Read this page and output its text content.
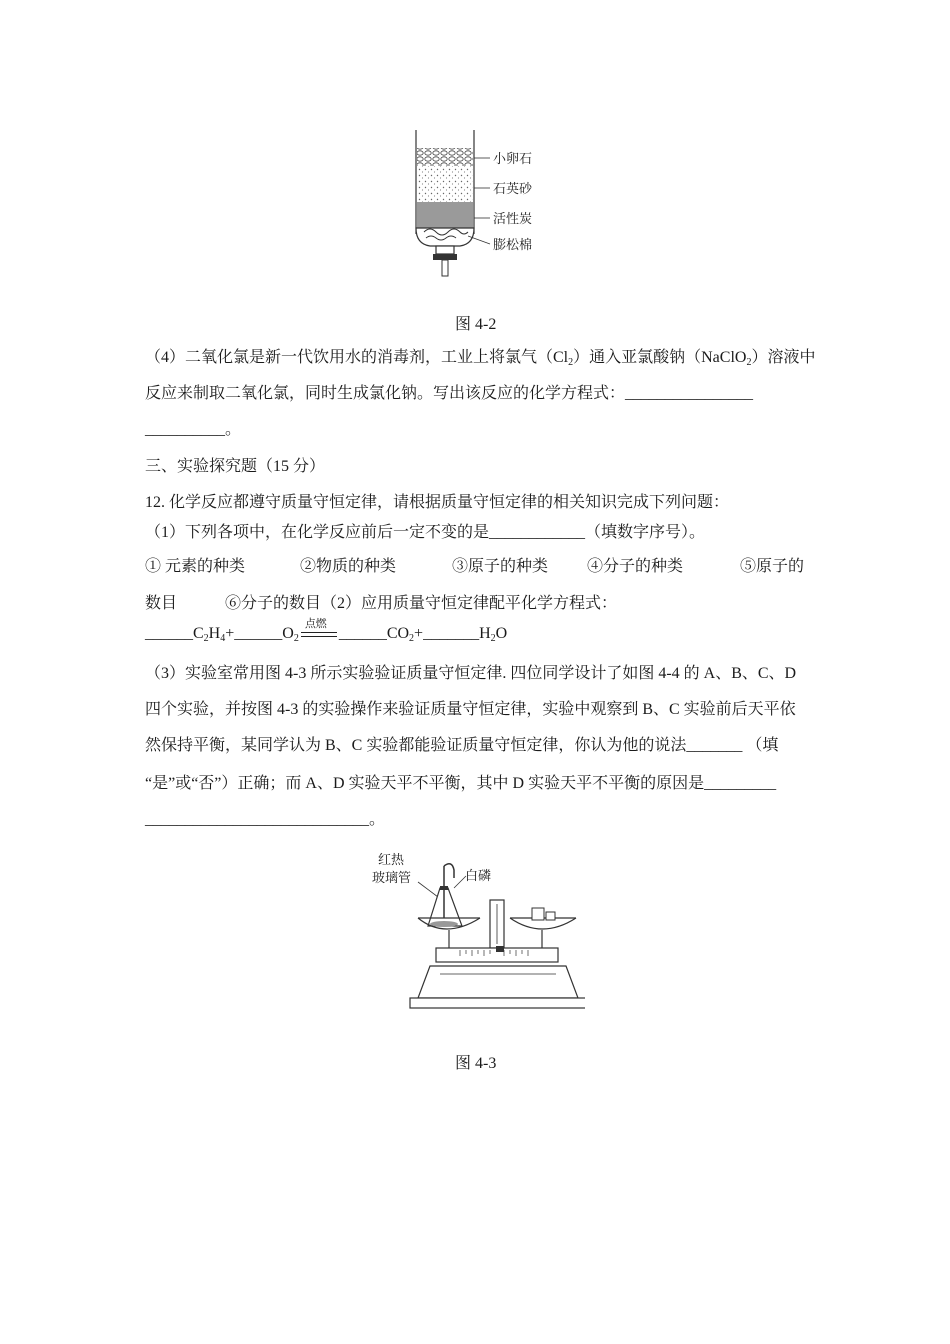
小卵石
石英砂
活性炭
膨松棉
图 4-2
（4）二氧化氯是新一代饮用水的消毒剂，工业上将氯气$(Cl_2)$通入亚氯酸钠（NaClO$_2$）溶液中
反应来制取二氧化氯，同时生成氯化钠。写出该反应的化学方程式：________________
__________。
三、实验探究题（15 分）
12. 化学反应都遵守质量守恒定律，请根据质量守恒定律的相关知识完成下列问题：
（1）下列各项中，在化学反应前后一定不变的是____________（填数字序号）。
① 元素的种类	②物质的种类	③原子的种类 ④分子的种类	⑤原子的
数目　　　⑥分子的数目（2）应用质量守恒定律配平化学方程式：
$\_\_\_\_\_\_C_2H_4+\_\_\_\_\_\_O_2$
点燃
$\_\_\_\_\_\_CO_2+\_\_\_\_\_\_\_H_2O$
（3）实验室常用图 4-3 所示实验验证质量守恒定律. 四位同学设计了如图 4-4 的 A、B、C、D
四个实验，并按图 4-3 的实验操作来验证质量守恒定律，实验中观察到 B、C 实验前后天平依
然保持平衡，某同学认为 B、C 实验都能验证质量守恒定律，你认为他的说法_______ （填
“是”或“否”）正确；而 A、D 实验天平不平衡，其中 D 实验天平不平衡的原因是_________
____________________________。
红热
玻璃管	白磷
图 4-3
